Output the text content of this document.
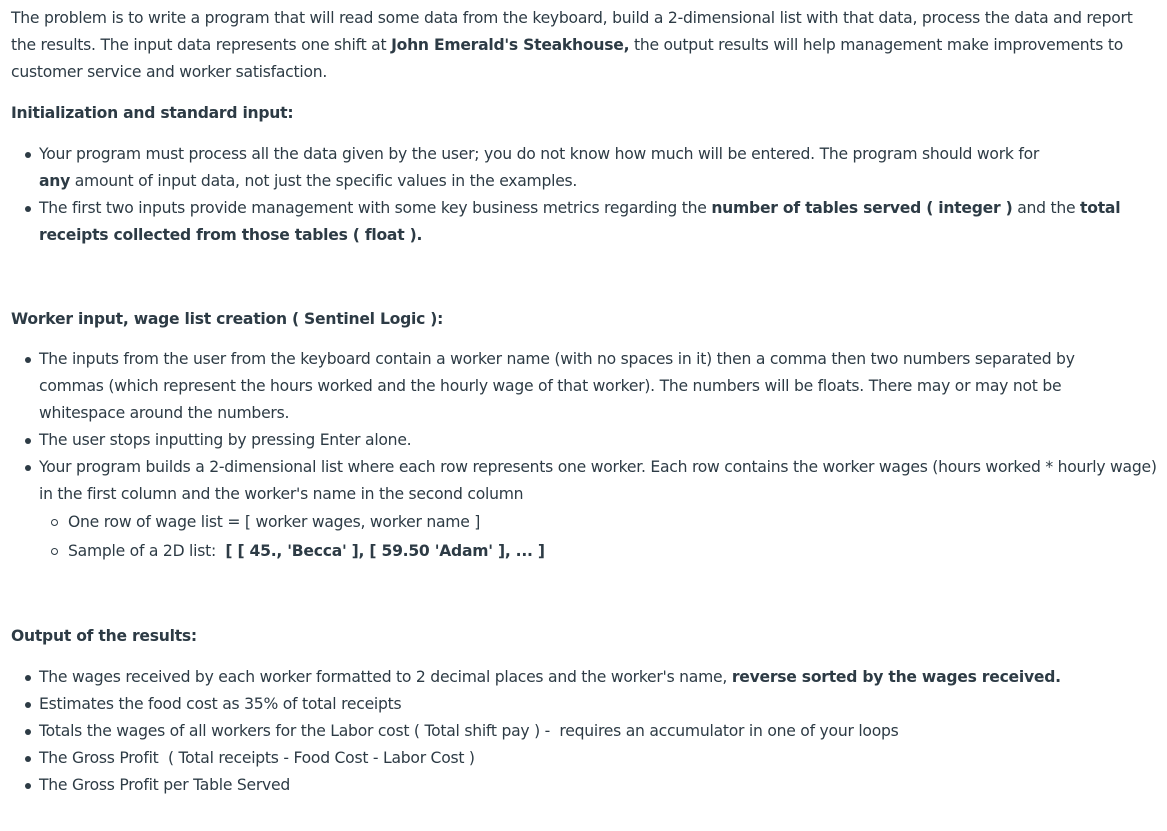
The problem is to write a program that will read some data from the keyboard, build a 2-dimensional list with that data, process the data and report the results. The input data represents one shift at John Emerald's Steakhouse, the output results will help management make improvements to customer service and worker satisfaction.

Initialization and standard input:
Your program must process all the data given by the user; you do not know how much will be entered. The program should work for any amount of input data, not just the specific values in the examples.
The first two inputs provide management with some key business metrics regarding the number of tables served ( integer ) and the total receipts collected from those tables ( float ).
Worker input, wage list creation ( Sentinel Logic ):
The inputs from the user from the keyboard contain a worker name (with no spaces in it) then a comma then two numbers separated by commas (which represent the hours worked and the hourly wage of that worker). The numbers will be floats. There may or may not be whitespace around the numbers.
The user stops inputting by pressing Enter alone.
Your program builds a 2-dimensional list where each row represents one worker. Each row contains the worker wages (hours worked * hourly wage) in the first column and the worker's name in the second column
One row of wage list = [ worker wages, worker name ]
Sample of a 2D list:  [ [ 45., 'Becca' ], [ 59.50 'Adam' ], ... ]
Output of the results:
The wages received by each worker formatted to 2 decimal places and the worker's name, reverse sorted by the wages received.
Estimates the food cost as 35% of total receipts
Totals the wages of all workers for the Labor cost ( Total shift pay ) -  requires an accumulator in one of your loops
The Gross Profit  ( Total receipts - Food Cost - Labor Cost )
The Gross Profit per Table Served
